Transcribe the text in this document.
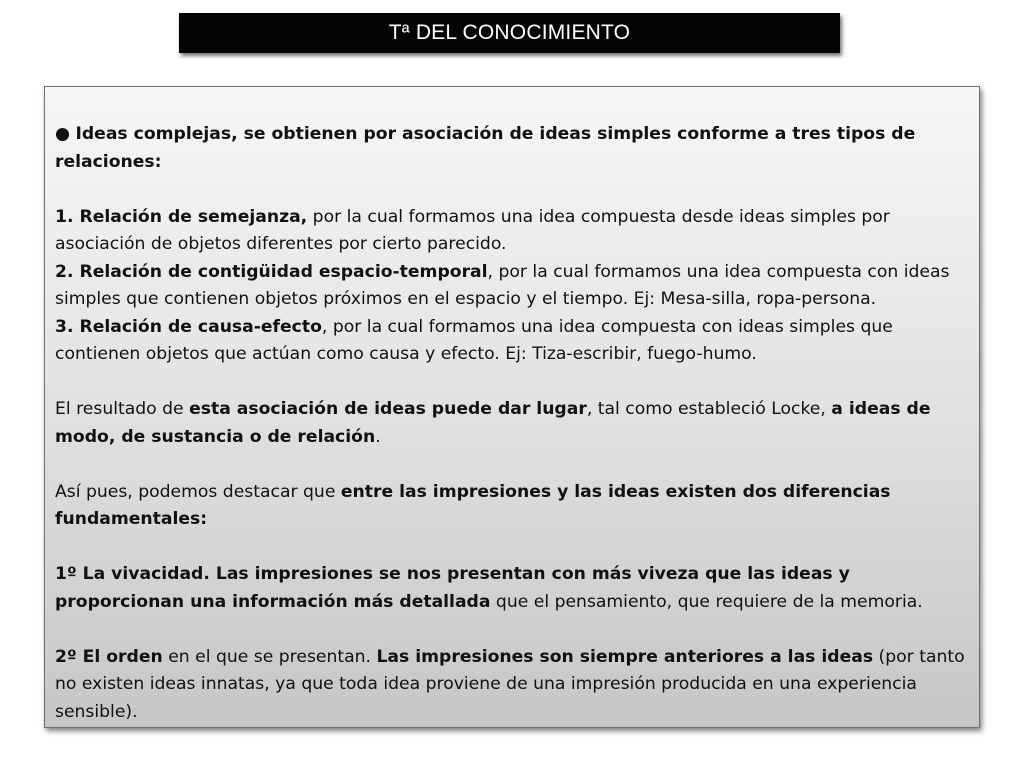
Tª DEL CONOCIMIENTO

● Ideas complejas, se obtienen por asociación de ideas simples conforme a tres tipos de relaciones:

1. Relación de semejanza, por la cual formamos una idea compuesta desde ideas simples por asociación de objetos diferentes por cierto parecido.

2. Relación de contigüidad espacio-temporal, por la cual formamos una idea compuesta con ideas simples que contienen objetos próximos en el espacio y el tiempo. Ej: Mesa-silla, ropa-persona.

3. Relación de causa-efecto, por la cual formamos una idea compuesta con ideas simples que contienen objetos que actúan como causa y efecto. Ej: Tiza-escribir, fuego-humo.

El resultado de esta asociación de ideas puede dar lugar, tal como estableció Locke, a ideas de modo, de sustancia o de relación.

Así pues, podemos destacar que entre las impresiones y las ideas existen dos diferencias fundamentales:

1º La vivacidad. Las impresiones se nos presentan con más viveza que las ideas y proporcionan una información más detallada que el pensamiento, que requiere de la memoria.

2º El orden en el que se presentan. Las impresiones son siempre anteriores a las ideas (por tanto no existen ideas innatas, ya que toda idea proviene de una impresión producida en una experiencia sensible).
